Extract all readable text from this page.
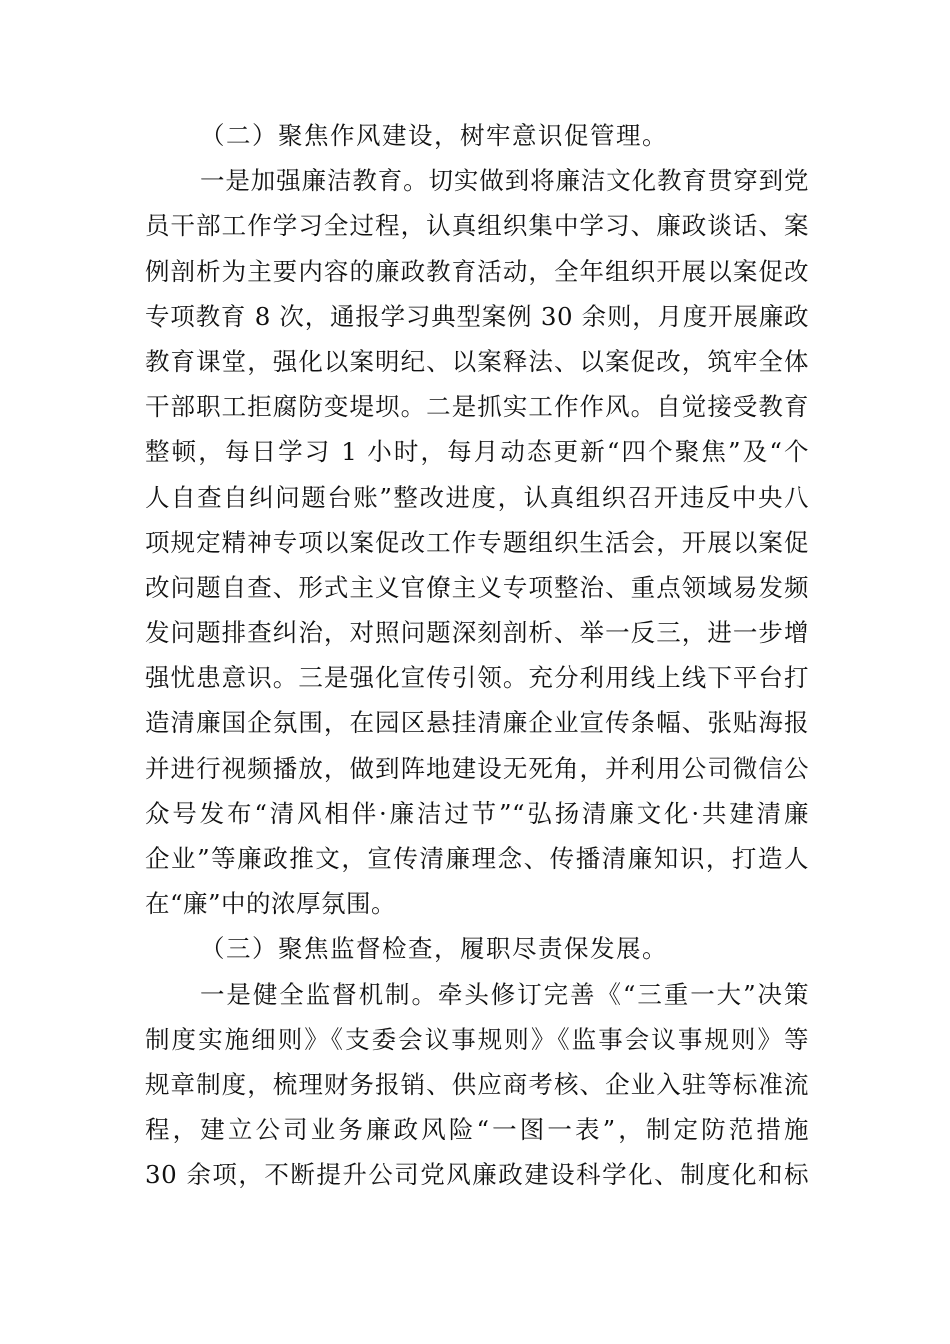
（二）聚焦作风建设，树牢意识促管理。
一是加强廉洁教育。切实做到将廉洁文化教育贯穿到党
员干部工作学习全过程，认真组织集中学习、廉政谈话、案
例剖析为主要内容的廉政教育活动，全年组织开展以案促改
专项教育 8 次，通报学习典型案例 30 余则，月度开展廉政
教育课堂，强化以案明纪、以案释法、以案促改，筑牢全体
干部职工拒腐防变堤坝。二是抓实工作作风。自觉接受教育
整顿，每日学习 1 小时，每月动态更新“四个聚焦”及“个
人自查自纠问题台账”整改进度，认真组织召开违反中央八
项规定精神专项以案促改工作专题组织生活会，开展以案促
改问题自查、形式主义官僚主义专项整治、重点领域易发频
发问题排查纠治，对照问题深刻剖析、举一反三，进一步增
强忧患意识。三是强化宣传引领。充分利用线上线下平台打
造清廉国企氛围，在园区悬挂清廉企业宣传条幅、张贴海报
并进行视频播放，做到阵地建设无死角，并利用公司微信公
众号发布“清风相伴·廉洁过节”“弘扬清廉文化·共建清廉
企业”等廉政推文，宣传清廉理念、传播清廉知识，打造人
在“廉”中的浓厚氛围。
（三）聚焦监督检查，履职尽责保发展。
一是健全监督机制。牵头修订完善《“三重一大”决策
制度实施细则》《支委会议事规则》《监事会议事规则》等
规章制度，梳理财务报销、供应商考核、企业入驻等标准流
程，建立公司业务廉政风险“一图一表”，制定防范措施
30 余项，不断提升公司党风廉政建设科学化、制度化和标
